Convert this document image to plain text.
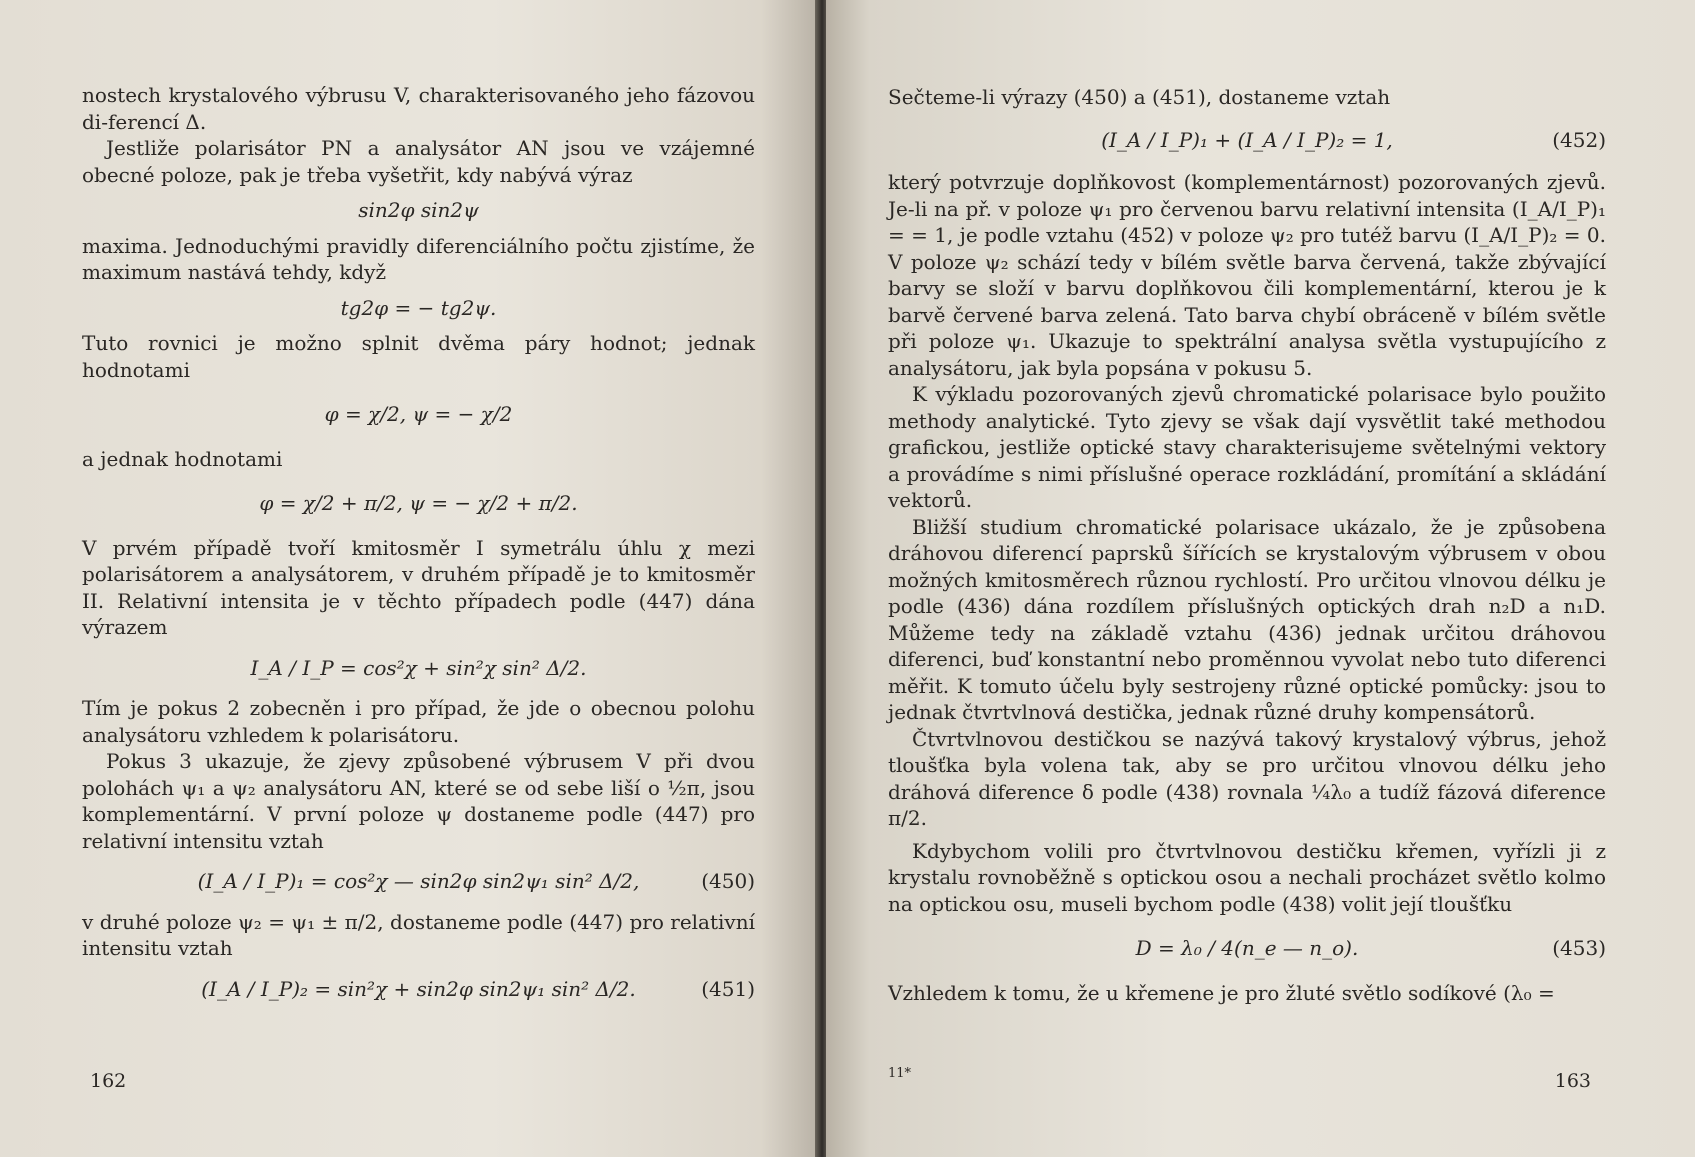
nostech krystalového výbrusu V, charakterisovaného jeho fázovou di-ferencí Δ.

Jestliže polarisátor PN a analysátor AN jsou ve vzájemné obecné poloze, pak je třeba vyšetřit, kdy nabývá výraz

sin2φ sin2ψ

maxima. Jednoduchými pravidly diferenciálního počtu zjistíme, že maximum nastává tehdy, když

tg2φ = − tg2ψ.

Tuto rovnici je možno splnit dvěma páry hodnot; jednak hodnotami

φ = χ/2, ψ = − χ/2

a jednak hodnotami

φ = χ/2 + π/2, ψ = − χ/2 + π/2.

V prvém případě tvoří kmitosměr I symetrálu úhlu χ mezi polarisátorem a analysátorem, v druhém případě je to kmitosměr II. Relativní intensita je v těchto případech podle (447) dána výrazem

I_A / I_P = cos²χ + sin²χ sin² Δ/2.

Tím je pokus 2 zobecněn i pro případ, že jde o obecnou polohu analysátoru vzhledem k polarisátoru.

Pokus 3 ukazuje, že zjevy způsobené výbrusem V při dvou polohách ψ₁ a ψ₂ analysátoru AN, které se od sebe liší o ½π, jsou komplementární. V první poloze ψ dostaneme podle (447) pro relativní intensitu vztah

(I_A / I_P)₁ = cos²χ — sin2φ sin2ψ₁ sin² Δ/2,	(450)

v druhé poloze ψ₂ = ψ₁ ± π/2, dostaneme podle (447) pro relativní intensitu vztah

(I_A / I_P)₂ = sin²χ + sin2φ sin2ψ₁ sin² Δ/2.	(451)
162

Sečteme-li výrazy (450) a (451), dostaneme vztah

(I_A / I_P)₁ + (I_A / I_P)₂ = 1,	(452)

který potvrzuje doplňkovost (komplementárnost) pozorovaných zjevů. Je-li na př. v poloze ψ₁ pro červenou barvu relativní intensita (I_A/I_P)₁ = = 1, je podle vztahu (452) v poloze ψ₂ pro tutéž barvu (I_A/I_P)₂ = 0. V poloze ψ₂ schází tedy v bílém světle barva červená, takže zbývající barvy se složí v barvu doplňkovou čili komplementární, kterou je k barvě červené barva zelená. Tato barva chybí obráceně v bílém světle při poloze ψ₁. Ukazuje to spektrální analysa světla vystupujícího z analysátoru, jak byla popsána v pokusu 5.

K výkladu pozorovaných zjevů chromatické polarisace bylo použito methody analytické. Tyto zjevy se však dají vysvětlit také methodou grafickou, jestliže optické stavy charakterisujeme světelnými vektory a provádíme s nimi příslušné operace rozkládání, promítání a skládání vektorů.

Bližší studium chromatické polarisace ukázalo, že je způsobena dráhovou diferencí paprsků šířících se krystalovým výbrusem v obou možných kmitosměrech různou rychlostí. Pro určitou vlnovou délku je podle (436) dána rozdílem příslušných optických drah n₂D a n₁D. Můžeme tedy na základě vztahu (436) jednak určitou dráhovou diferenci, buď konstantní nebo proměnnou vyvolat nebo tuto diferenci měřit. K tomuto účelu byly sestrojeny různé optické pomůcky: jsou to jednak čtvrtvlnová destička, jednak různé druhy kompensátorů.

Čtvrtvlnovou destičkou se nazývá takový krystalový výbrus, jehož tloušťka byla volena tak, aby se pro určitou vlnovou délku jeho dráhová diference δ podle (438) rovnala ¼λ₀ a tudíž fázová diference π/2.

Kdybychom volili pro čtvrtvlnovou destičku křemen, vyřízli ji z krystalu rovnoběžně s optickou osou a nechali procházet světlo kolmo na optickou osu, museli bychom podle (438) volit její tloušťku

D = λ₀ / 4(n_e — n_o).	(453)

Vzhledem k tomu, že u křemene je pro žluté světlo sodíkové (λ₀ =

11*	163
